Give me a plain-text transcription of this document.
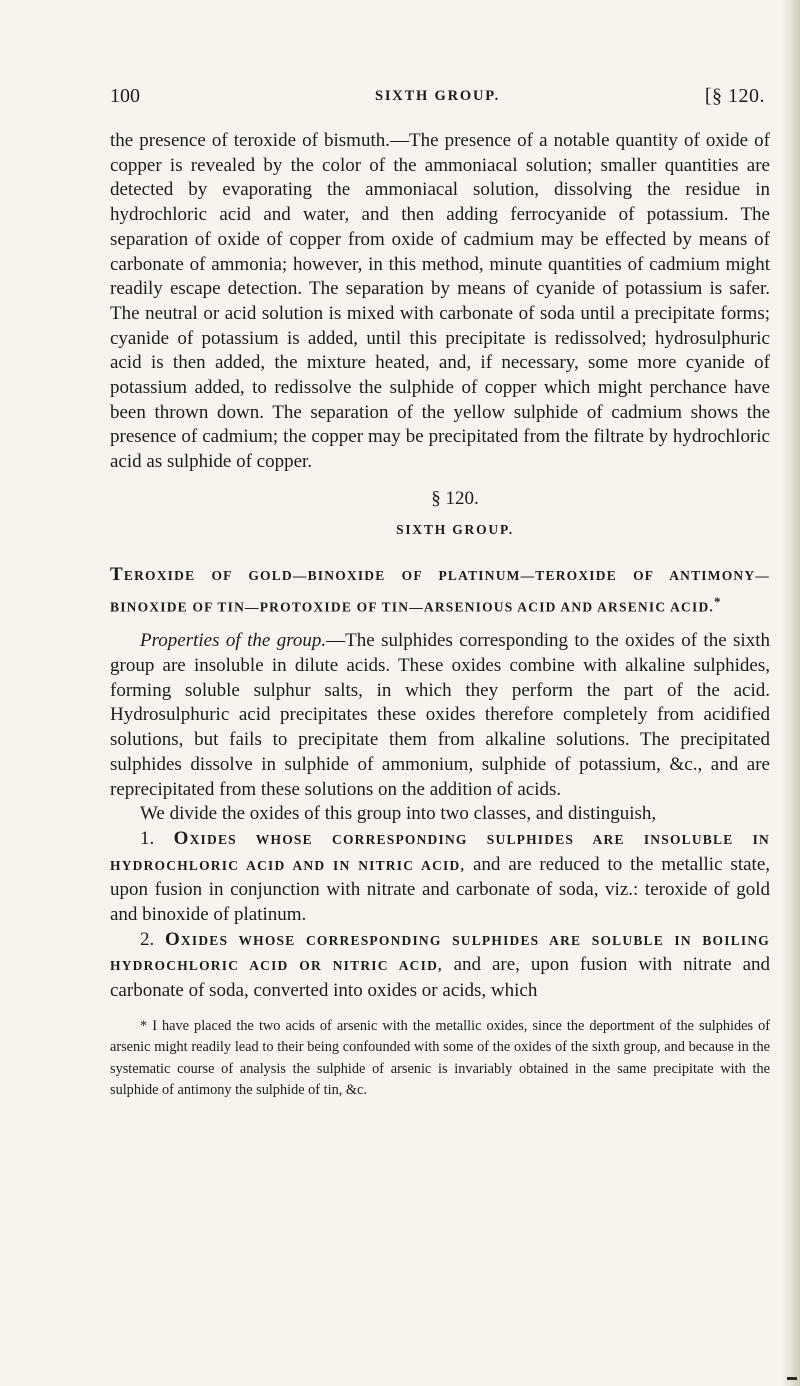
100	SIXTH GROUP.	[§ 120.

the presence of teroxide of bismuth.—The presence of a notable quantity of oxide of copper is revealed by the color of the ammoniacal solution; smaller quantities are detected by evaporating the ammoniacal solution, dissolving the residue in hydrochloric acid and water, and then adding ferrocyanide of potassium. The separation of oxide of copper from oxide of cadmium may be effected by means of carbonate of ammonia; however, in this method, minute quantities of cadmium might readily escape detection. The separation by means of cyanide of potassium is safer. The neutral or acid solution is mixed with carbonate of soda until a precipitate forms; cyanide of potassium is added, until this precipitate is redissolved; hydrosulphuric acid is then added, the mixture heated, and, if necessary, some more cyanide of potassium added, to redissolve the sulphide of copper which might perchance have been thrown down. The separation of the yellow sulphide of cadmium shows the presence of cadmium; the copper may be precipitated from the filtrate by hydrochloric acid as sulphide of copper.

§ 120.

SIXTH GROUP.

TEROXIDE OF GOLD—BINOXIDE OF PLATINUM—TEROXIDE OF ANTIMONY—BINOXIDE OF TIN—PROTOXIDE OF TIN—ARSENIOUS ACID AND ARSENIC ACID.*

Properties of the group.—The sulphides corresponding to the oxides of the sixth group are insoluble in dilute acids. These oxides combine with alkaline sulphides, forming soluble sulphur salts, in which they perform the part of the acid. Hydrosulphuric acid precipitates these oxides therefore completely from acidified solutions, but fails to precipitate them from alkaline solutions. The precipitated sulphides dissolve in sulphide of ammonium, sulphide of potassium, &c., and are reprecipitated from these solutions on the addition of acids.

We divide the oxides of this group into two classes, and distinguish,

1. OXIDES WHOSE CORRESPONDING SULPHIDES ARE INSOLUBLE IN HYDROCHLORIC ACID AND IN NITRIC ACID, and are reduced to the metallic state, upon fusion in conjunction with nitrate and carbonate of soda, viz.: teroxide of gold and binoxide of platinum.

2. OXIDES WHOSE CORRESPONDING SULPHIDES ARE SOLUBLE IN BOILING HYDROCHLORIC ACID OR NITRIC ACID, and are, upon fusion with nitrate and carbonate of soda, converted into oxides or acids, which

* I have placed the two acids of arsenic with the metallic oxides, since the deportment of the sulphides of arsenic might readily lead to their being confounded with some of the oxides of the sixth group, and because in the systematic course of analysis the sulphide of arsenic is invariably obtained in the same precipitate with the sulphide of antimony the sulphide of tin, &c.
